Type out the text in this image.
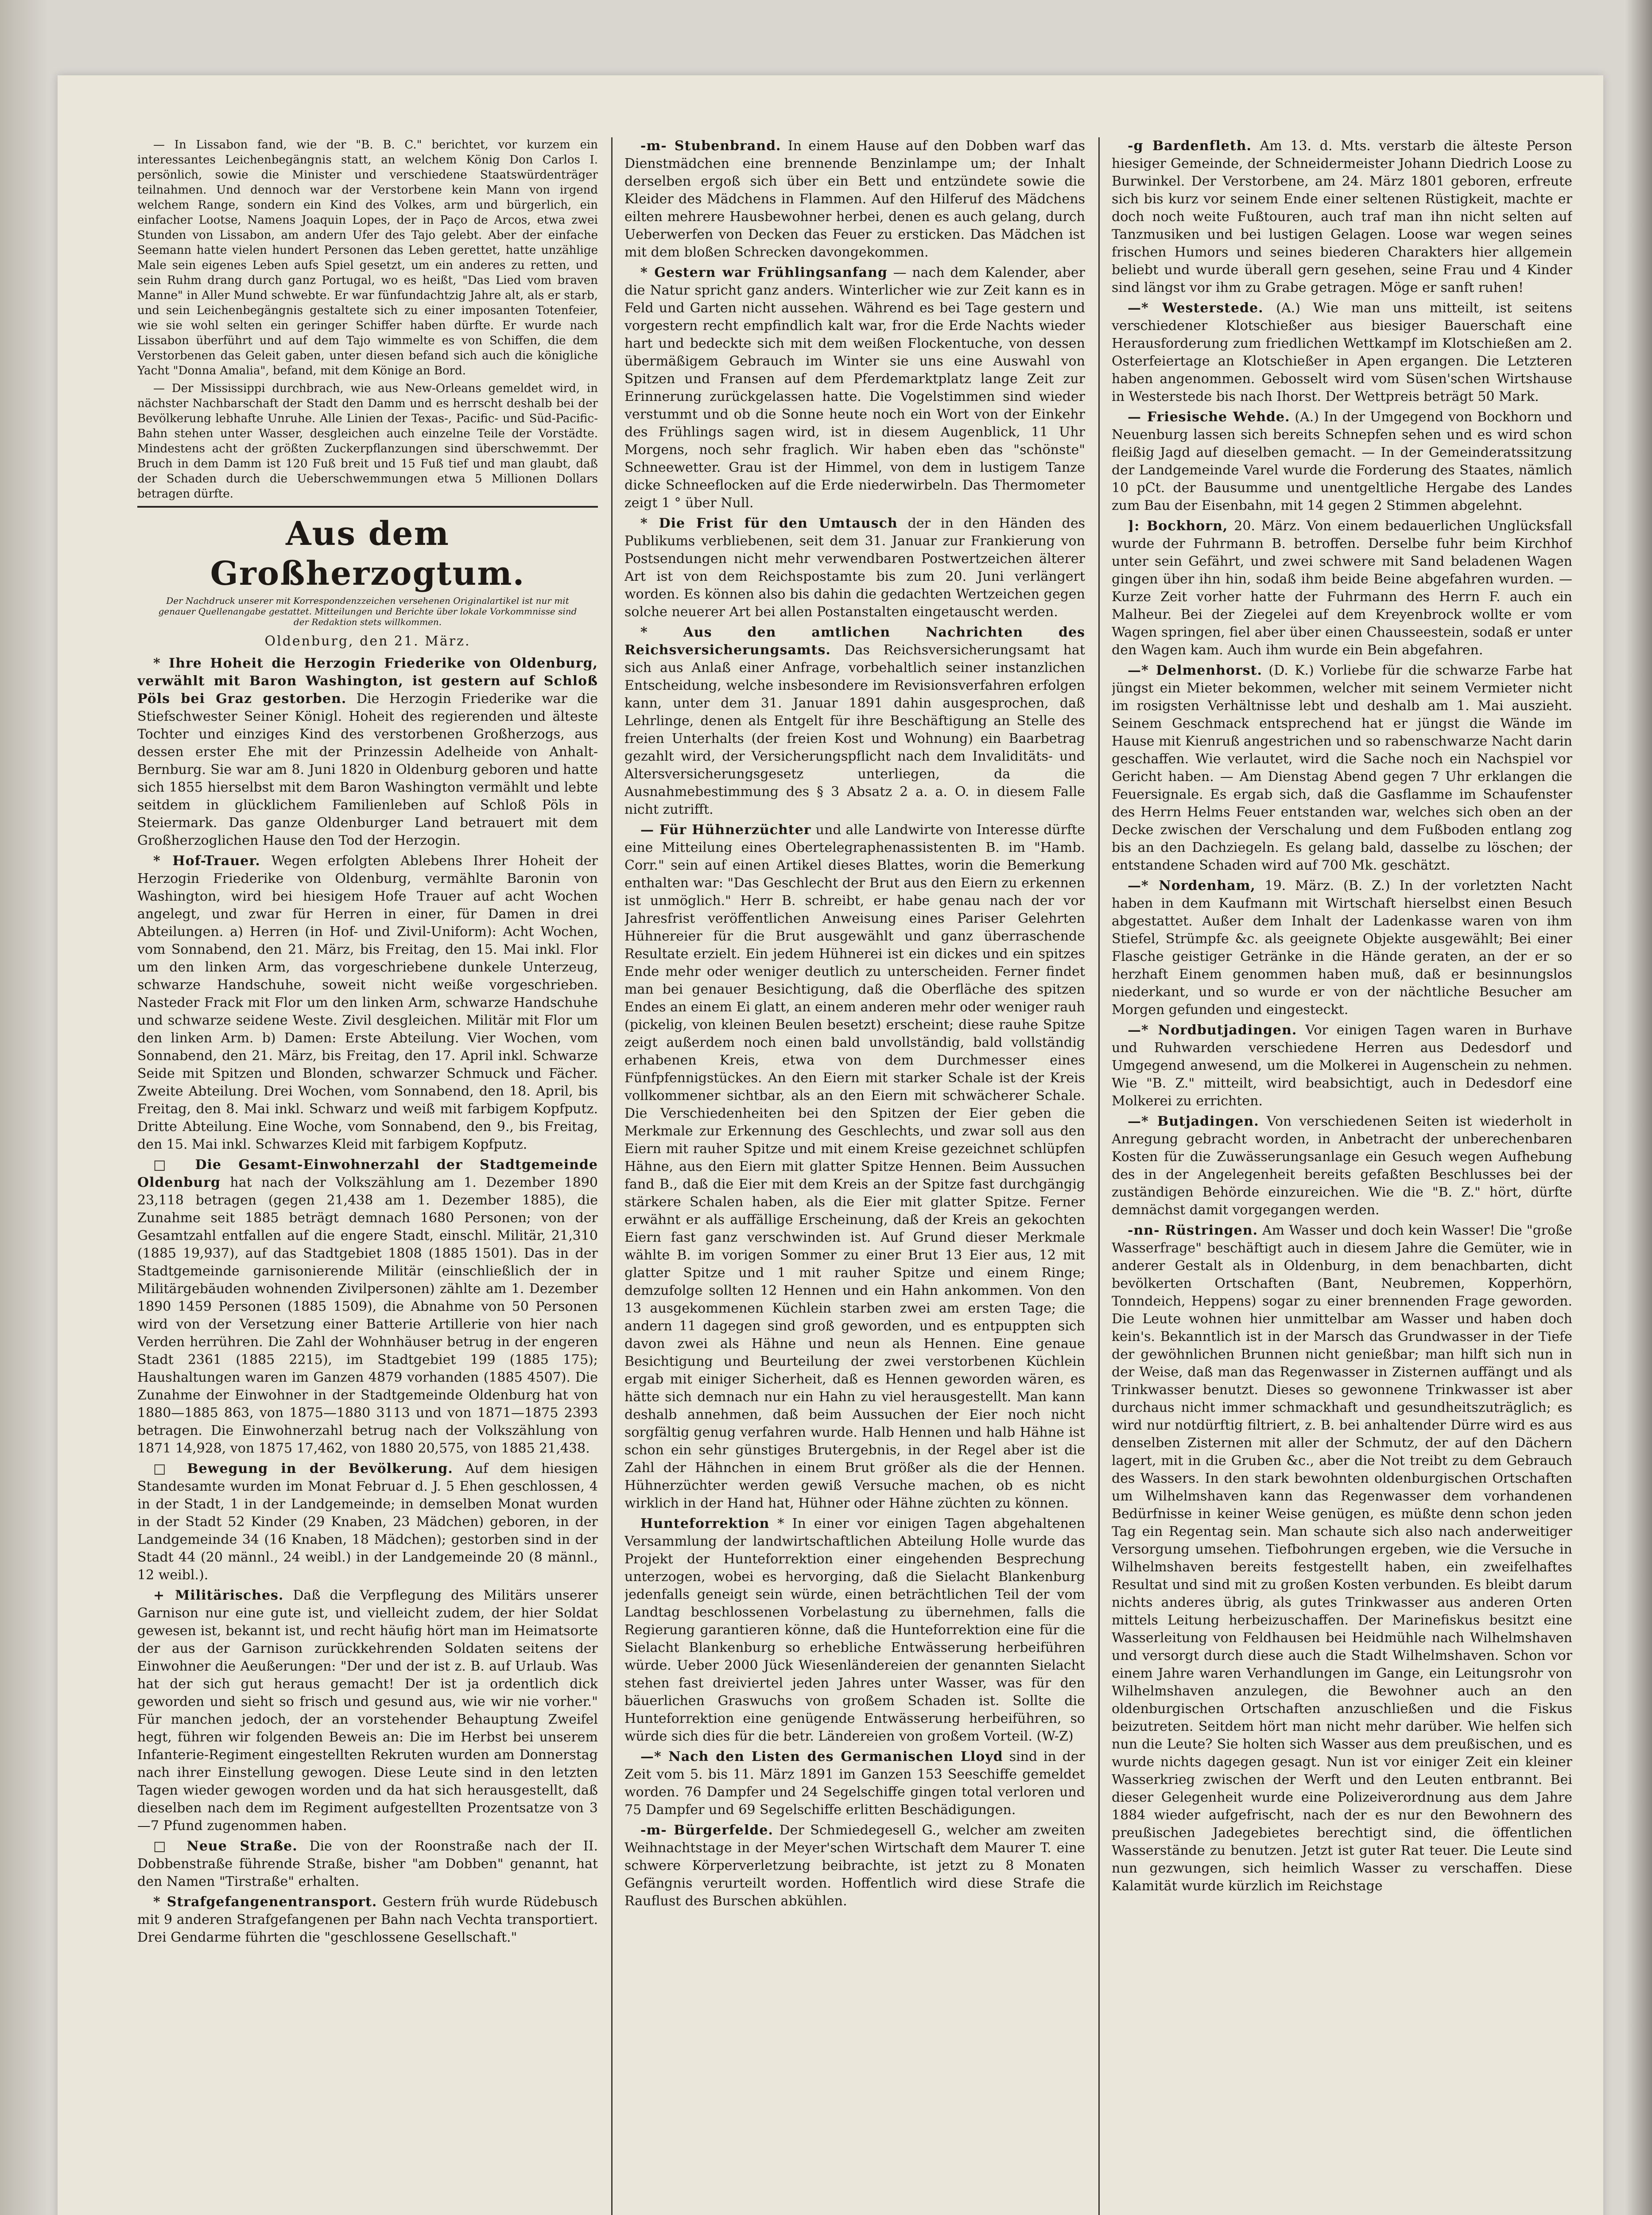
— In Lissabon fand, wie der "B. B. C." berichtet, vor kurzem ein interessantes Leichenbegängnis statt, an welchem König Don Carlos I. persönlich, sowie die Minister und verschiedene Staatswürdenträger teilnahmen. Und dennoch war der Verstorbene kein Mann von irgend welchem Range, sondern ein Kind des Volkes, arm und bürgerlich, ein einfacher Lootse, Namens Joaquin Lopes, der in Paço de Arcos, etwa zwei Stunden von Lissabon, am andern Ufer des Tajo gelebt. Aber der einfache Seemann hatte vielen hundert Personen das Leben gerettet, hatte unzählige Male sein eigenes Leben aufs Spiel gesetzt, um ein anderes zu retten, und sein Ruhm drang durch ganz Portugal, wo es heißt, "Das Lied vom braven Manne" in Aller Mund schwebte. Er war fünfundachtzig Jahre alt, als er starb, und sein Leichenbegängnis gestaltete sich zu einer imposanten Totenfeier, wie sie wohl selten ein geringer Schiffer haben dürfte. Er wurde nach Lissabon überführt und auf dem Tajo wimmelte es von Schiffen, die dem Verstorbenen das Geleit gaben, unter diesen befand sich auch die königliche Yacht "Donna Amalia", befand, mit dem Könige an Bord.

— Der Mississippi durchbrach, wie aus New-Orleans gemeldet wird, in nächster Nachbarschaft der Stadt den Damm und es herrscht deshalb bei der Bevölkerung lebhafte Unruhe. Alle Linien der Texas-, Pacific- und Süd-Pacific-Bahn stehen unter Wasser, desgleichen auch einzelne Teile der Vorstädte. Mindestens acht der größten Zuckerpflanzungen sind überschwemmt. Der Bruch in dem Damm ist 120 Fuß breit und 15 Fuß tief und man glaubt, daß der Schaden durch die Ueberschwemmungen etwa 5 Millionen Dollars betragen dürfte.

Aus dem Großherzogtum.
Der Nachdruck unserer mit Korrespondenzzeichen versehenen Originalartikel ist nur mit genauer Quellenangabe gestattet. Mitteilungen und Berichte über lokale Vorkommnisse sind der Redaktion stets willkommen.
Oldenburg, den 21. März.

* Ihre Hoheit die Herzogin Friederike von Oldenburg, verwählt mit Baron Washington, ist gestern auf Schloß Pöls bei Graz gestorben. Die Herzogin Friederike war die Stiefschwester Seiner Königl. Hoheit des regierenden und älteste Tochter und einziges Kind des verstorbenen Großherzogs, aus dessen erster Ehe mit der Prinzessin Adelheide von Anhalt-Bernburg. Sie war am 8. Juni 1820 in Oldenburg geboren und hatte sich 1855 hierselbst mit dem Baron Washington vermählt und lebte seitdem in glücklichem Familienleben auf Schloß Pöls in Steiermark. Das ganze Oldenburger Land betrauert mit dem Großherzoglichen Hause den Tod der Herzogin.

* Hof-Trauer. Wegen erfolgten Ablebens Ihrer Hoheit der Herzogin Friederike von Oldenburg, vermählte Baronin von Washington, wird bei hiesigem Hofe Trauer auf acht Wochen angelegt, und zwar für Herren in einer, für Damen in drei Abteilungen. a) Herren (in Hof- und Zivil-Uniform): Acht Wochen, vom Sonnabend, den 21. März, bis Freitag, den 15. Mai inkl. Flor um den linken Arm, das vorgeschriebene dunkele Unterzeug, schwarze Handschuhe, soweit nicht weiße vorgeschrieben. Nasteder Frack mit Flor um den linken Arm, schwarze Handschuhe und schwarze seidene Weste. Zivil desgleichen. Militär mit Flor um den linken Arm. b) Damen: Erste Abteilung. Vier Wochen, vom Sonnabend, den 21. März, bis Freitag, den 17. April inkl. Schwarze Seide mit Spitzen und Blonden, schwarzer Schmuck und Fächer. Zweite Abteilung. Drei Wochen, vom Sonnabend, den 18. April, bis Freitag, den 8. Mai inkl. Schwarz und weiß mit farbigem Kopfputz. Dritte Abteilung. Eine Woche, vom Sonnabend, den 9., bis Freitag, den 15. Mai inkl. Schwarzes Kleid mit farbigem Kopfputz.

□ Die Gesamt-Einwohnerzahl der Stadtgemeinde Oldenburg hat nach der Volkszählung am 1. Dezember 1890 23,118 betragen (gegen 21,438 am 1. Dezember 1885), die Zunahme seit 1885 beträgt demnach 1680 Personen; von der Gesamtzahl entfallen auf die engere Stadt, einschl. Militär, 21,310 (1885 19,937), auf das Stadtgebiet 1808 (1885 1501). Das in der Stadtgemeinde garnisonierende Militär (einschließlich der in Militärgebäuden wohnenden Zivilpersonen) zählte am 1. Dezember 1890 1459 Personen (1885 1509), die Abnahme von 50 Personen wird von der Versetzung einer Batterie Artillerie von hier nach Verden herrühren. Die Zahl der Wohnhäuser betrug in der engeren Stadt 2361 (1885 2215), im Stadtgebiet 199 (1885 175); Haushaltungen waren im Ganzen 4879 vorhanden (1885 4507). Die Zunahme der Einwohner in der Stadtgemeinde Oldenburg hat von 1880—1885 863, von 1875—1880 3113 und von 1871—1875 2393 betragen. Die Einwohnerzahl betrug nach der Volkszählung von 1871 14,928, von 1875 17,462, von 1880 20,575, von 1885 21,438.

□ Bewegung in der Bevölkerung. Auf dem hiesigen Standesamte wurden im Monat Februar d. J. 5 Ehen geschlossen, 4 in der Stadt, 1 in der Landgemeinde; in demselben Monat wurden in der Stadt 52 Kinder (29 Knaben, 23 Mädchen) geboren, in der Landgemeinde 34 (16 Knaben, 18 Mädchen); gestorben sind in der Stadt 44 (20 männl., 24 weibl.) in der Landgemeinde 20 (8 männl., 12 weibl.).

+ Militärisches. Daß die Verpflegung des Militärs unserer Garnison nur eine gute ist, und vielleicht zudem, der hier Soldat gewesen ist, bekannt ist, und recht häufig hört man im Heimatsorte der aus der Garnison zurückkehrenden Soldaten seitens der Einwohner die Aeußerungen: "Der und der ist z. B. auf Urlaub. Was hat der sich gut heraus gemacht! Der ist ja ordentlich dick geworden und sieht so frisch und gesund aus, wie wir nie vorher." Für manchen jedoch, der an vorstehender Behauptung Zweifel hegt, führen wir folgenden Beweis an: Die im Herbst bei unserem Infanterie-Regiment eingestellten Rekruten wurden am Donnerstag nach ihrer Einstellung gewogen. Diese Leute sind in den letzten Tagen wieder gewogen worden und da hat sich herausgestellt, daß dieselben nach dem im Regiment aufgestellten Prozentsatze von 3—7 Pfund zugenommen haben.

□ Neue Straße. Die von der Roonstraße nach der II. Dobbenstraße führende Straße, bisher "am Dobben" genannt, hat den Namen "Tirstraße" erhalten.

* Strafgefangenentransport. Gestern früh wurde Rüdebusch mit 9 anderen Strafgefangenen per Bahn nach Vechta transportiert. Drei Gendarme führten die "geschlossene Gesellschaft."

-m- Stubenbrand. In einem Hause auf den Dobben warf das Dienstmädchen eine brennende Benzinlampe um; der Inhalt derselben ergoß sich über ein Bett und entzündete sowie die Kleider des Mädchens in Flammen. Auf den Hilferuf des Mädchens eilten mehrere Hausbewohner herbei, denen es auch gelang, durch Ueberwerfen von Decken das Feuer zu ersticken. Das Mädchen ist mit dem bloßen Schrecken davongekommen.

* Gestern war Frühlingsanfang — nach dem Kalender, aber die Natur spricht ganz anders. Winterlicher wie zur Zeit kann es in Feld und Garten nicht aussehen. Während es bei Tage gestern und vorgestern recht empfindlich kalt war, fror die Erde Nachts wieder hart und bedeckte sich mit dem weißen Flockentuche, von dessen übermäßigem Gebrauch im Winter sie uns eine Auswahl von Spitzen und Fransen auf dem Pferdemarktplatz lange Zeit zur Erinnerung zurückgelassen hatte. Die Vogelstimmen sind wieder verstummt und ob die Sonne heute noch ein Wort von der Einkehr des Frühlings sagen wird, ist in diesem Augenblick, 11 Uhr Morgens, noch sehr fraglich. Wir haben eben das "schönste" Schneewetter. Grau ist der Himmel, von dem in lustigem Tanze dicke Schneeflocken auf die Erde niederwirbeln. Das Thermometer zeigt 1 ° über Null.

* Die Frist für den Umtausch der in den Händen des Publikums verbliebenen, seit dem 31. Januar zur Frankierung von Postsendungen nicht mehr verwendbaren Postwertzeichen älterer Art ist von dem Reichspostamte bis zum 20. Juni verlängert worden. Es können also bis dahin die gedachten Wertzeichen gegen solche neuerer Art bei allen Postanstalten eingetauscht werden.

* Aus den amtlichen Nachrichten des Reichsversicherungsamts. Das Reichsversicherungsamt hat sich aus Anlaß einer Anfrage, vorbehaltlich seiner instanzlichen Entscheidung, welche insbesondere im Revisionsverfahren erfolgen kann, unter dem 31. Januar 1891 dahin ausgesprochen, daß Lehrlinge, denen als Entgelt für ihre Beschäftigung an Stelle des freien Unterhalts (der freien Kost und Wohnung) ein Baarbetrag gezahlt wird, der Versicherungspflicht nach dem Invaliditäts- und Altersversicherungsgesetz unterliegen, da die Ausnahmebestimmung des § 3 Absatz 2 a. a. O. in diesem Falle nicht zutrifft.

— Für Hühnerzüchter und alle Landwirte von Interesse dürfte eine Mitteilung eines Obertelegraphenassistenten B. im "Hamb. Corr." sein auf einen Artikel dieses Blattes, worin die Bemerkung enthalten war: "Das Geschlecht der Brut aus den Eiern zu erkennen ist unmöglich." Herr B. schreibt, er habe genau nach der vor Jahresfrist veröffentlichen Anweisung eines Pariser Gelehrten Hühnereier für die Brut ausgewählt und ganz überraschende Resultate erzielt. Ein jedem Hühnerei ist ein dickes und ein spitzes Ende mehr oder weniger deutlich zu unterscheiden. Ferner findet man bei genauer Besichtigung, daß die Oberfläche des spitzen Endes an einem Ei glatt, an einem anderen mehr oder weniger rauh (pickelig, von kleinen Beulen besetzt) erscheint; diese rauhe Spitze zeigt außerdem noch einen bald unvollständig, bald vollständig erhabenen Kreis, etwa von dem Durchmesser eines Fünfpfennigstückes. An den Eiern mit starker Schale ist der Kreis vollkommener sichtbar, als an den Eiern mit schwächerer Schale. Die Verschiedenheiten bei den Spitzen der Eier geben die Merkmale zur Erkennung des Geschlechts, und zwar soll aus den Eiern mit rauher Spitze und mit einem Kreise gezeichnet schlüpfen Hähne, aus den Eiern mit glatter Spitze Hennen. Beim Aussuchen fand B., daß die Eier mit dem Kreis an der Spitze fast durchgängig stärkere Schalen haben, als die Eier mit glatter Spitze. Ferner erwähnt er als auffällige Erscheinung, daß der Kreis an gekochten Eiern fast ganz verschwinden ist. Auf Grund dieser Merkmale wählte B. im vorigen Sommer zu einer Brut 13 Eier aus, 12 mit glatter Spitze und 1 mit rauher Spitze und einem Ringe; demzufolge sollten 12 Hennen und ein Hahn ankommen. Von den 13 ausgekommenen Küchlein starben zwei am ersten Tage; die andern 11 dagegen sind groß geworden, und es entpuppten sich davon zwei als Hähne und neun als Hennen. Eine genaue Besichtigung und Beurteilung der zwei verstorbenen Küchlein ergab mit einiger Sicherheit, daß es Hennen geworden wären, es hätte sich demnach nur ein Hahn zu viel herausgestellt. Man kann deshalb annehmen, daß beim Aussuchen der Eier noch nicht sorgfältig genug verfahren wurde. Halb Hennen und halb Hähne ist schon ein sehr günstiges Brutergebnis, in der Regel aber ist die Zahl der Hähnchen in einem Brut größer als die der Hennen. Hühnerzüchter werden gewiß Versuche machen, ob es nicht wirklich in der Hand hat, Hühner oder Hähne züchten zu können.

Hunteforrektion * In einer vor einigen Tagen abgehaltenen Versammlung der landwirtschaftlichen Abteilung Holle wurde das Projekt der Hunteforrektion einer eingehenden Besprechung unterzogen, wobei es hervorging, daß die Sielacht Blankenburg jedenfalls geneigt sein würde, einen beträchtlichen Teil der vom Landtag beschlossenen Vorbelastung zu übernehmen, falls die Regierung garantieren könne, daß die Hunteforrektion eine für die Sielacht Blankenburg so erhebliche Entwässerung herbeiführen würde. Ueber 2000 Jück Wiesenländereien der genannten Sielacht stehen fast dreiviertel jeden Jahres unter Wasser, was für den bäuerlichen Graswuchs von großem Schaden ist. Sollte die Hunteforrektion eine genügende Entwässerung herbeiführen, so würde sich dies für die betr. Ländereien von großem Vorteil. (W-Z)

—* Nach den Listen des Germanischen Lloyd sind in der Zeit vom 5. bis 11. März 1891 im Ganzen 153 Seeschiffe gemeldet worden. 76 Dampfer und 24 Segelschiffe gingen total verloren und 75 Dampfer und 69 Segelschiffe erlitten Beschädigungen.

-m- Bürgerfelde. Der Schmiedegesell G., welcher am zweiten Weihnachtstage in der Meyer'schen Wirtschaft dem Maurer T. eine schwere Körperverletzung beibrachte, ist jetzt zu 8 Monaten Gefängnis verurteilt worden. Hoffentlich wird diese Strafe die Rauflust des Burschen abkühlen.

-g Bardenfleth. Am 13. d. Mts. verstarb die älteste Person hiesiger Gemeinde, der Schneidermeister Johann Diedrich Loose zu Burwinkel. Der Verstorbene, am 24. März 1801 geboren, erfreute sich bis kurz vor seinem Ende einer seltenen Rüstigkeit, machte er doch noch weite Fußtouren, auch traf man ihn nicht selten auf Tanzmusiken und bei lustigen Gelagen. Loose war wegen seines frischen Humors und seines biederen Charakters hier allgemein beliebt und wurde überall gern gesehen, seine Frau und 4 Kinder sind längst vor ihm zu Grabe getragen. Möge er sanft ruhen!

—* Westerstede. (A.) Wie man uns mitteilt, ist seitens verschiedener Klotschießer aus biesiger Bauerschaft eine Herausforderung zum friedlichen Wettkampf im Klotschießen am 2. Osterfeiertage an Klotschießer in Apen ergangen. Die Letzteren haben angenommen. Gebosselt wird vom Süsen'schen Wirtshause in Westerstede bis nach Ihorst. Der Wettpreis beträgt 50 Mark.

— Friesische Wehde. (A.) In der Umgegend von Bockhorn und Neuenburg lassen sich bereits Schnepfen sehen und es wird schon fleißig Jagd auf dieselben gemacht. — In der Gemeinderatssitzung der Landgemeinde Varel wurde die Forderung des Staates, nämlich 10 pCt. der Bausumme und unentgeltliche Hergabe des Landes zum Bau der Eisenbahn, mit 14 gegen 2 Stimmen abgelehnt.

]: Bockhorn, 20. März. Von einem bedauerlichen Unglücksfall wurde der Fuhrmann B. betroffen. Derselbe fuhr beim Kirchhof unter sein Gefährt, und zwei schwere mit Sand beladenen Wagen gingen über ihn hin, sodaß ihm beide Beine abgefahren wurden. — Kurze Zeit vorher hatte der Fuhrmann des Herrn F. auch ein Malheur. Bei der Ziegelei auf dem Kreyenbrock wollte er vom Wagen springen, fiel aber über einen Chausseestein, sodaß er unter den Wagen kam. Auch ihm wurde ein Bein abgefahren.

—* Delmenhorst. (D. K.) Vorliebe für die schwarze Farbe hat jüngst ein Mieter bekommen, welcher mit seinem Vermieter nicht im rosigsten Verhältnisse lebt und deshalb am 1. Mai auszieht. Seinem Geschmack entsprechend hat er jüngst die Wände im Hause mit Kienruß angestrichen und so rabenschwarze Nacht darin geschaffen. Wie verlautet, wird die Sache noch ein Nachspiel vor Gericht haben. — Am Dienstag Abend gegen 7 Uhr erklangen die Feuersignale. Es ergab sich, daß die Gasflamme im Schaufenster des Herrn Helms Feuer entstanden war, welches sich oben an der Decke zwischen der Verschalung und dem Fußboden entlang zog bis an den Dachziegeln. Es gelang bald, dasselbe zu löschen; der entstandene Schaden wird auf 700 Mk. geschätzt.

—* Nordenham, 19. März. (B. Z.) In der vorletzten Nacht haben in dem Kaufmann mit Wirtschaft hierselbst einen Besuch abgestattet. Außer dem Inhalt der Ladenkasse waren von ihm Stiefel, Strümpfe &c. als geeignete Objekte ausgewählt; Bei einer Flasche geistiger Getränke in die Hände geraten, an der er so herzhaft Einem genommen haben muß, daß er besinnungslos niederkant, und so wurde er von der nächtliche Besucher am Morgen gefunden und eingesteckt.

—* Nordbutjadingen. Vor einigen Tagen waren in Burhave und Ruhwarden verschiedene Herren aus Dedesdorf und Umgegend anwesend, um die Molkerei in Augenschein zu nehmen. Wie "B. Z." mitteilt, wird beabsichtigt, auch in Dedesdorf eine Molkerei zu errichten.

—* Butjadingen. Von verschiedenen Seiten ist wiederholt in Anregung gebracht worden, in Anbetracht der unberechenbaren Kosten für die Zuwässerungsanlage ein Gesuch wegen Aufhebung des in der Angelegenheit bereits gefaßten Beschlusses bei der zuständigen Behörde einzureichen. Wie die "B. Z." hört, dürfte demnächst damit vorgegangen werden.

-nn- Rüstringen. Am Wasser und doch kein Wasser! Die "große Wasserfrage" beschäftigt auch in diesem Jahre die Gemüter, wie in anderer Gestalt als in Oldenburg, in dem benachbarten, dicht bevölkerten Ortschaften (Bant, Neubremen, Kopperhörn, Tonndeich, Heppens) sogar zu einer brennenden Frage geworden. Die Leute wohnen hier unmittelbar am Wasser und haben doch kein's. Bekanntlich ist in der Marsch das Grundwasser in der Tiefe der gewöhnlichen Brunnen nicht genießbar; man hilft sich nun in der Weise, daß man das Regenwasser in Zisternen auffängt und als Trinkwasser benutzt. Dieses so gewonnene Trinkwasser ist aber durchaus nicht immer schmackhaft und gesundheitszuträglich; es wird nur notdürftig filtriert, z. B. bei anhaltender Dürre wird es aus denselben Zisternen mit aller der Schmutz, der auf den Dächern lagert, mit in die Gruben &c., aber die Not treibt zu dem Gebrauch des Wassers. In den stark bewohnten oldenburgischen Ortschaften um Wilhelmshaven kann das Regenwasser dem vorhandenen Bedürfnisse in keiner Weise genügen, es müßte denn schon jeden Tag ein Regentag sein. Man schaute sich also nach anderweitiger Versorgung umsehen. Tiefbohrungen ergeben, wie die Versuche in Wilhelmshaven bereits festgestellt haben, ein zweifelhaftes Resultat und sind mit zu großen Kosten verbunden. Es bleibt darum nichts anderes übrig, als gutes Trinkwasser aus anderen Orten mittels Leitung herbeizuschaffen. Der Marinefiskus besitzt eine Wasserleitung von Feldhausen bei Heidmühle nach Wilhelmshaven und versorgt durch diese auch die Stadt Wilhelmshaven. Schon vor einem Jahre waren Verhandlungen im Gange, ein Leitungsrohr von Wilhelmshaven anzulegen, die Bewohner auch an den oldenburgischen Ortschaften anzuschließen und die Fiskus beizutreten. Seitdem hört man nicht mehr darüber. Wie helfen sich nun die Leute? Sie holten sich Wasser aus dem preußischen, und es wurde nichts dagegen gesagt. Nun ist vor einiger Zeit ein kleiner Wasserkrieg zwischen der Werft und den Leuten entbrannt. Bei dieser Gelegenheit wurde eine Polizeiverordnung aus dem Jahre 1884 wieder aufgefrischt, nach der es nur den Bewohnern des preußischen Jadegebietes berechtigt sind, die öffentlichen Wasserstände zu benutzen. Jetzt ist guter Rat teuer. Die Leute sind nun gezwungen, sich heimlich Wasser zu verschaffen. Diese Kalamität wurde kürzlich im Reichstage
